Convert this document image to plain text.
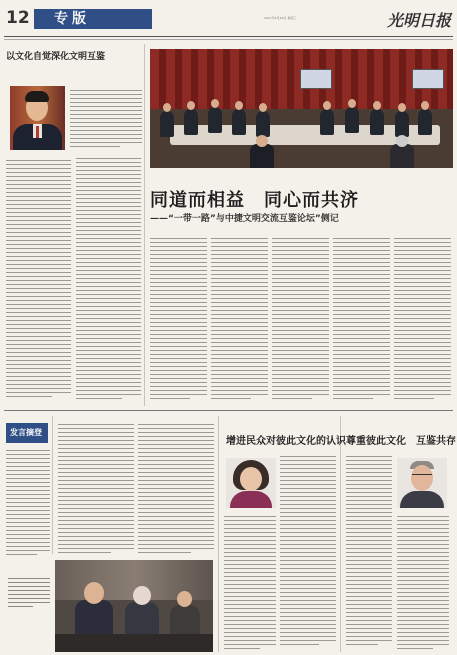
12 专版	2017年4月26日 星期三	光明日报
以文化自觉深化文明互鉴
同道而相益　同心而共济
——“一带一路”与中捷文明交流互鉴论坛”侧记
发言摘登
增进民众对彼此文化的认识 尊重彼此文化　互鉴共存
